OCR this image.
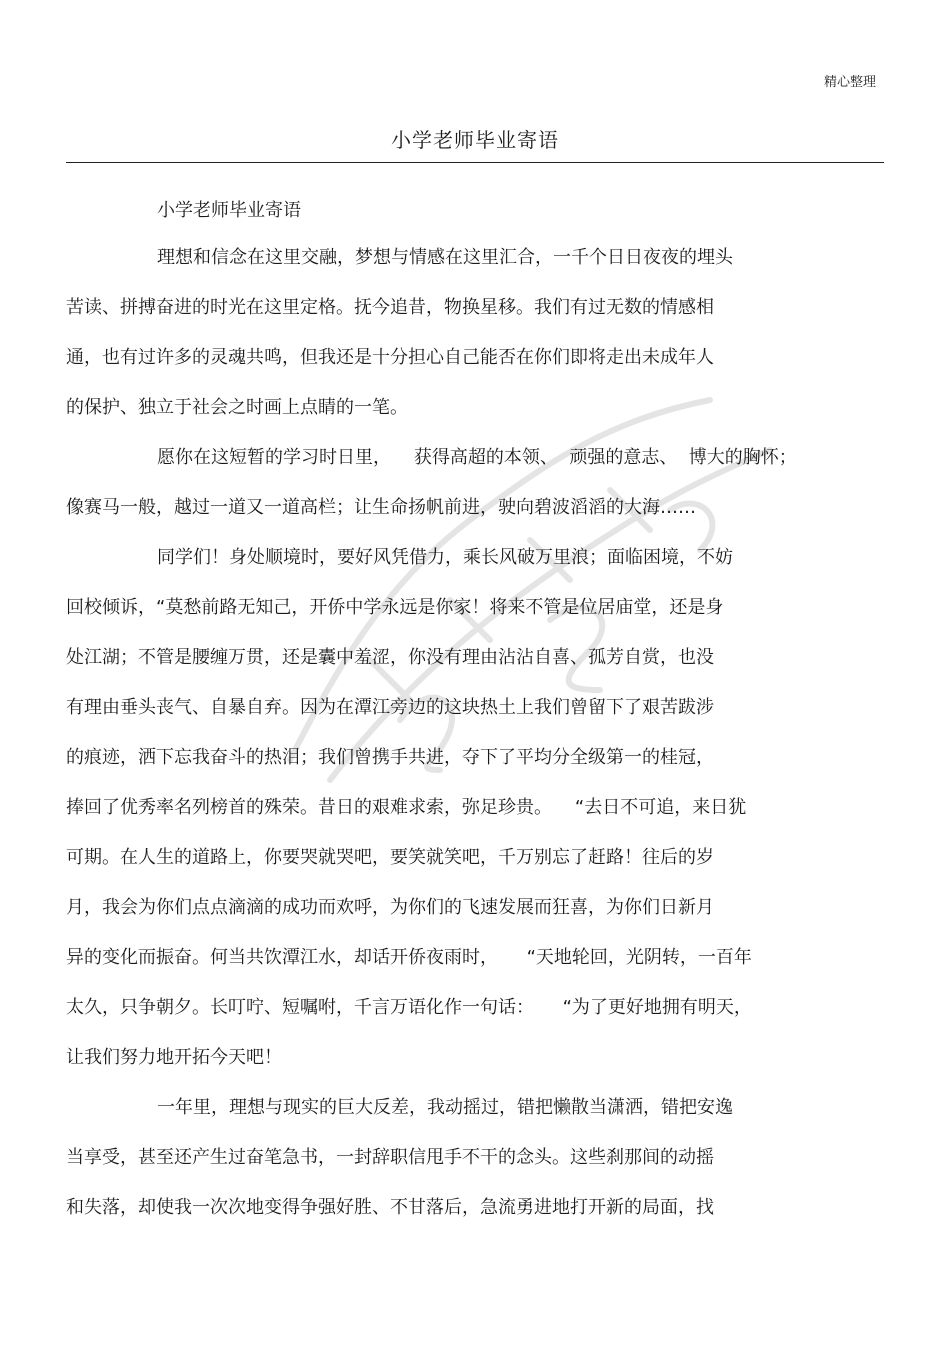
精心整理
小学老师毕业寄语
小学老师毕业寄语
理想和信念在这里交融，梦想与情感在这里汇合，一千个日日夜夜的埋头
苦读、拼搏奋进的时光在这里定格。抚今追昔，物换星移。我们有过无数的情感相
通，也有过许多的灵魂共鸣，但我还是十分担心自己能否在你们即将走出未成年人
的保护、独立于社会之时画上点睛的一笔。
愿你在这短暂的学习时日里，    获得高超的本领、  顽强的意志、  博大的胸怀；
像赛马一般，越过一道又一道高栏；让生命扬帆前进，驶向碧波滔滔的大海……
同学们！身处顺境时，要好风凭借力，乘长风破万里浪；面临困境，不妨
回校倾诉，“莫愁前路无知己，开侨中学永远是你家！将来不管是位居庙堂，还是身
处江湖；不管是腰缠万贯，还是囊中羞涩，你没有理由沾沾自喜、孤芳自赏，也没
有理由垂头丧气、自暴自弃。因为在潭江旁边的这块热土上我们曾留下了艰苦跋涉
的痕迹，洒下忘我奋斗的热泪；我们曾携手共进，夺下了平均分全级第一的桂冠，
捧回了优秀率名列榜首的殊荣。昔日的艰难求索，弥足珍贵。    “去日不可追，来日犹
可期。在人生的道路上，你要哭就哭吧，要笑就笑吧，千万别忘了赶路！往后的岁
月，我会为你们点点滴滴的成功而欢呼，为你们的飞速发展而狂喜，为你们日新月
异的变化而振奋。何当共饮潭江水，却话开侨夜雨时，     “天地轮回，光阴转，一百年
太久，只争朝夕。长叮咛、短嘱咐，千言万语化作一句话：     “为了更好地拥有明天，
让我们努力地开拓今天吧！
一年里，理想与现实的巨大反差，我动摇过，错把懒散当潇洒，错把安逸
当享受，甚至还产生过奋笔急书，一封辞职信甩手不干的念头。这些刹那间的动摇
和失落，却使我一次次地变得争强好胜、不甘落后，急流勇进地打开新的局面，找
